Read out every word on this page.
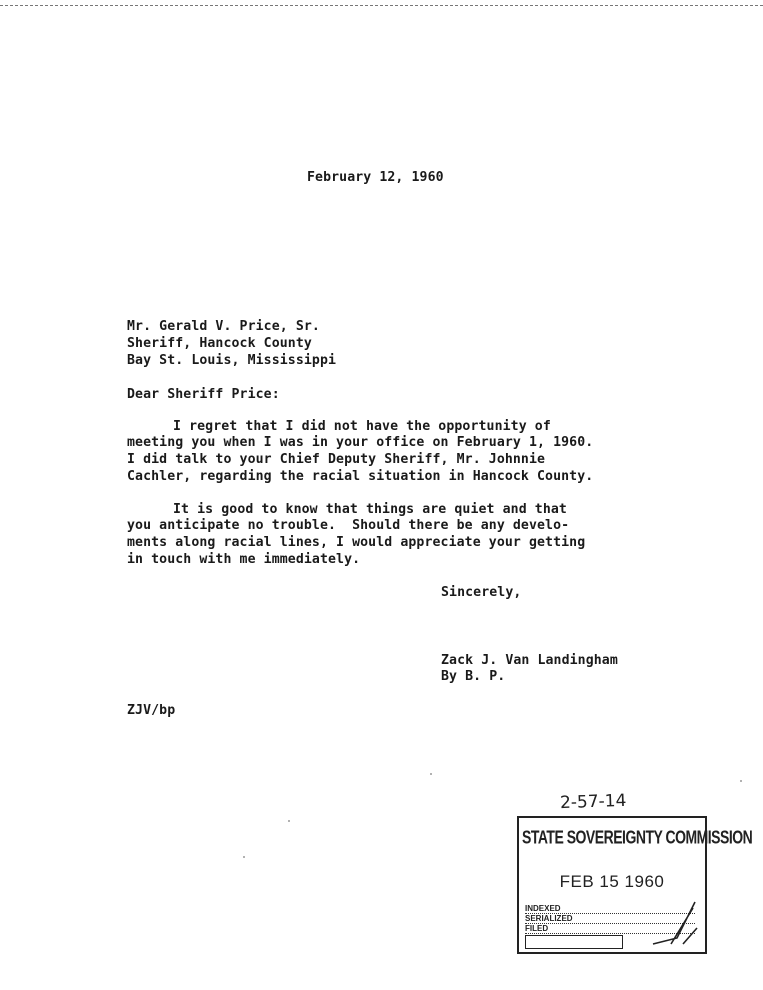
February 12, 1960
Mr. Gerald V. Price, Sr.
Sheriff, Hancock County
Bay St. Louis, Mississippi
Dear Sheriff Price:
I regret that I did not have the opportunity of
meeting you when I was in your office on February 1, 1960.
I did talk to your Chief Deputy Sheriff, Mr. Johnnie
Cachler, regarding the racial situation in Hancock County.
It is good to know that things are quiet and that
you anticipate no trouble.  Should there be any develo-
ments along racial lines, I would appreciate your getting
in touch with me immediately.
Sincerely,
Zack J. Van Landingham
By B. P.
ZJV/bp
2-57-14
STATE SOVEREIGNTY COMMISSION
FEB 15 1960
INDEXED
SERIALIZED
FILED
